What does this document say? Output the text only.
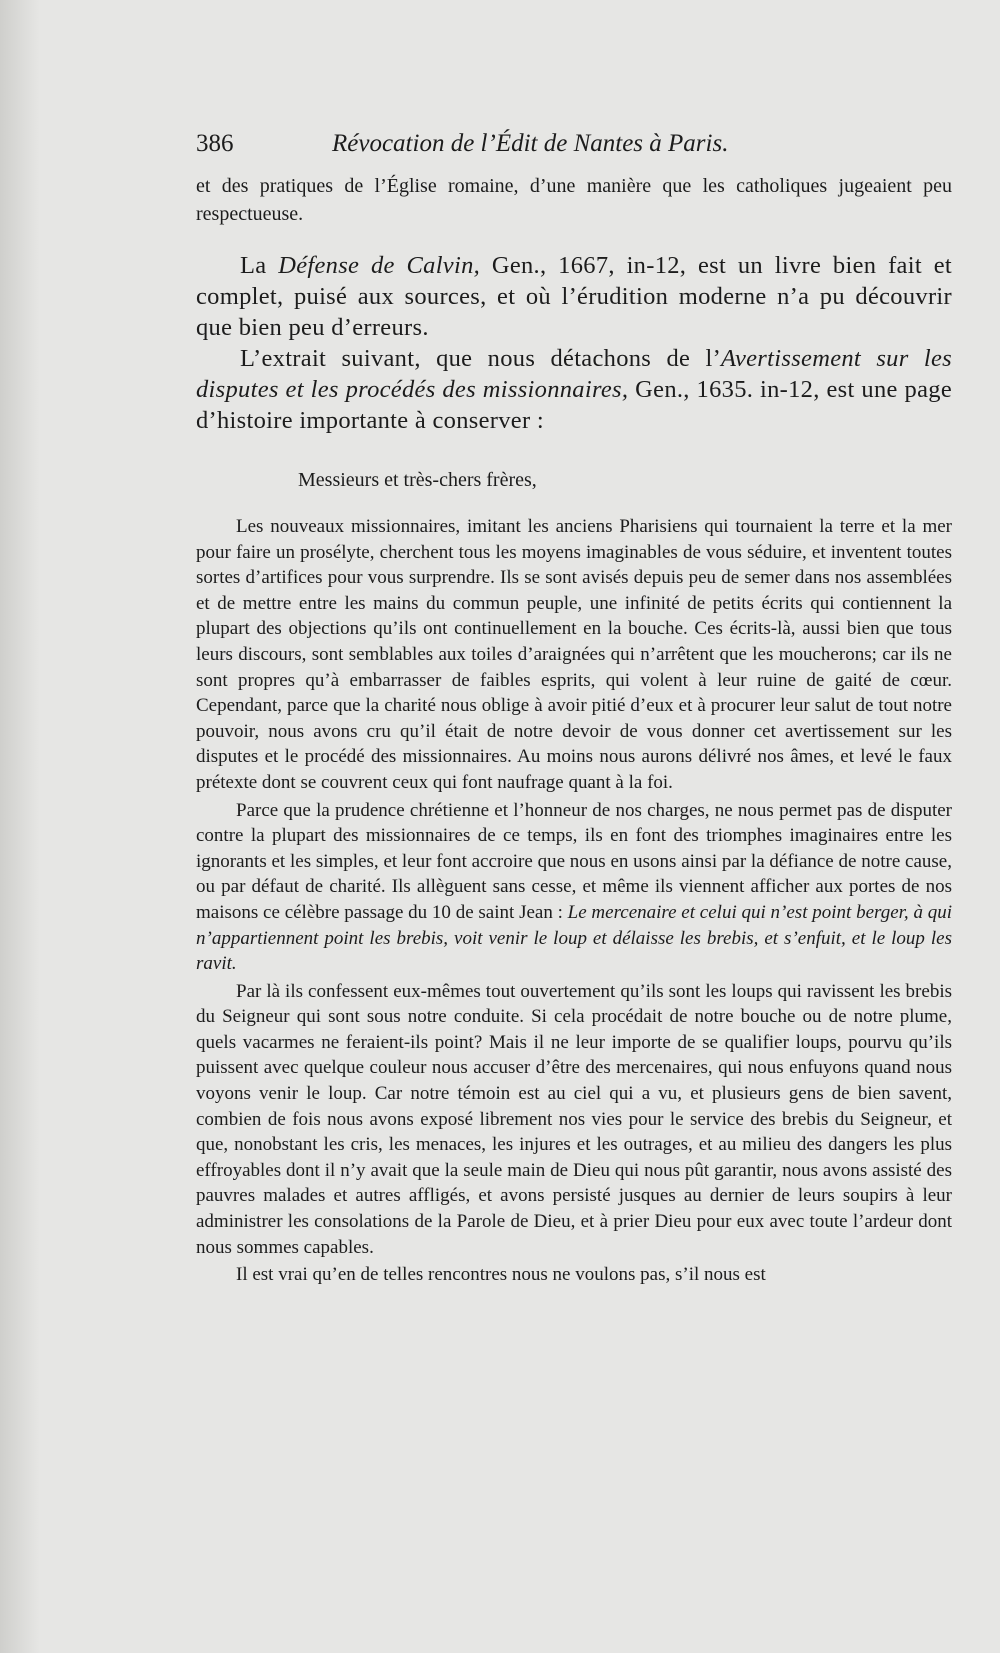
386	Révocation de l’Édit de Nantes à Paris.

et des pratiques de l’Église romaine, d’une manière que les catholiques jugeaient peu respectueuse.

La Défense de Calvin, Gen., 1667, in-12, est un livre bien fait et complet, puisé aux sources, et où l’érudition moderne n’a pu découvrir que bien peu d’erreurs.

L’extrait suivant, que nous détachons de l’Avertissement sur les disputes et les procédés des missionnaires, Gen., 1635. in-12, est une page d’histoire importante à conserver :

Messieurs et très-chers frères,

Les nouveaux missionnaires, imitant les anciens Pharisiens qui tournaient la terre et la mer pour faire un prosélyte, cherchent tous les moyens imaginables de vous séduire, et inventent toutes sortes d’artifices pour vous surprendre. Ils se sont avisés depuis peu de semer dans nos assemblées et de mettre entre les mains du commun peuple, une infinité de petits écrits qui contiennent la plupart des objections qu’ils ont continuellement en la bouche. Ces écrits-là, aussi bien que tous leurs discours, sont semblables aux toiles d’araignées qui n’arrêtent que les moucherons; car ils ne sont propres qu’à embarrasser de faibles esprits, qui volent à leur ruine de gaité de cœur. Cependant, parce que la charité nous oblige à avoir pitié d’eux et à procurer leur salut de tout notre pouvoir, nous avons cru qu’il était de notre devoir de vous donner cet avertissement sur les disputes et le procédé des missionnaires. Au moins nous aurons délivré nos âmes, et levé le faux prétexte dont se couvrent ceux qui font naufrage quant à la foi.

Parce que la prudence chrétienne et l’honneur de nos charges, ne nous permet pas de disputer contre la plupart des missionnaires de ce temps, ils en font des triomphes imaginaires entre les ignorants et les simples, et leur font accroire que nous en usons ainsi par la défiance de notre cause, ou par défaut de charité. Ils allèguent sans cesse, et même ils viennent afficher aux portes de nos maisons ce célèbre passage du 10 de saint Jean : Le mercenaire et celui qui n’est point berger, à qui n’appartiennent point les brebis, voit venir le loup et délaisse les brebis, et s’enfuit, et le loup les ravit.

Par là ils confessent eux-mêmes tout ouvertement qu’ils sont les loups qui ravissent les brebis du Seigneur qui sont sous notre conduite. Si cela procédait de notre bouche ou de notre plume, quels vacarmes ne feraient-ils point? Mais il ne leur importe de se qualifier loups, pourvu qu’ils puissent avec quelque couleur nous accuser d’être des mercenaires, qui nous enfuyons quand nous voyons venir le loup. Car notre témoin est au ciel qui a vu, et plusieurs gens de bien savent, combien de fois nous avons exposé librement nos vies pour le service des brebis du Seigneur, et que, nonobstant les cris, les menaces, les injures et les outrages, et au milieu des dangers les plus effroyables dont il n’y avait que la seule main de Dieu qui nous pût garantir, nous avons assisté des pauvres malades et autres affligés, et avons persisté jusques au dernier de leurs soupirs à leur administrer les consolations de la Parole de Dieu, et à prier Dieu pour eux avec toute l’ardeur dont nous sommes capables.

Il est vrai qu’en de telles rencontres nous ne voulons pas, s’il nous est
